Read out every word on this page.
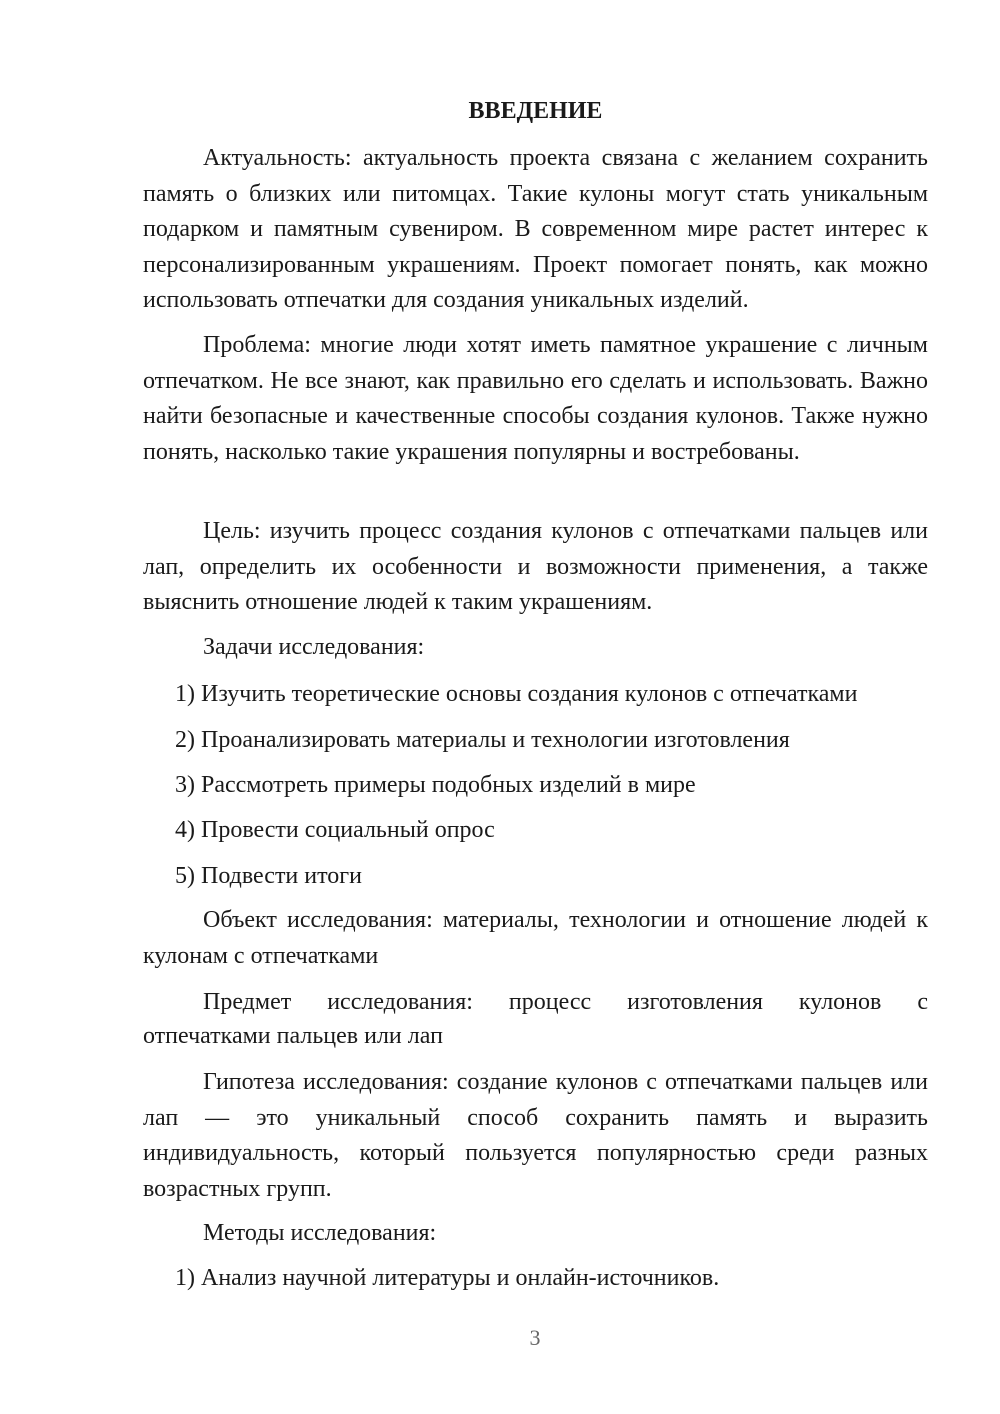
ВВЕДЕНИЕ

Актуальность: актуальность проекта связана с желанием сохранить память о близких или питомцах. Такие кулоны могут стать уникальным подарком и памятным сувениром. В современном мире растет интерес к персонализированным украшениям. Проект помогает понять, как можно использовать отпечатки для создания уникальных изделий.

Проблема: многие люди хотят иметь памятное украшение с личным отпечатком. Не все знают, как правильно его сделать и использовать. Важно найти безопасные и качественные способы создания кулонов. Также нужно понять, насколько такие украшения популярны и востребованы.

Цель: изучить процесс создания кулонов с отпечатками пальцев или лап, определить их особенности и возможности применения, а также выяснить отношение людей к таким украшениям.

Задачи исследования:

1) Изучить теоретические основы создания кулонов с отпечатками
2) Проанализировать материалы и технологии изготовления
3) Рассмотреть примеры подобных изделий в мире
4) Провести социальный опрос
5) Подвести итоги

Объект исследования: материалы, технологии и отношение людей к кулонам с отпечатками

Предмет исследования: процесс изготовления кулонов с

отпечатками пальцев или лап

Гипотеза исследования: создание кулонов с отпечатками пальцев или лап — это уникальный способ сохранить память и выразить индивидуальность, который пользуется популярностью среди разных возрастных групп.

Методы исследования:

1) Анализ научной литературы и онлайн-источников.
3
